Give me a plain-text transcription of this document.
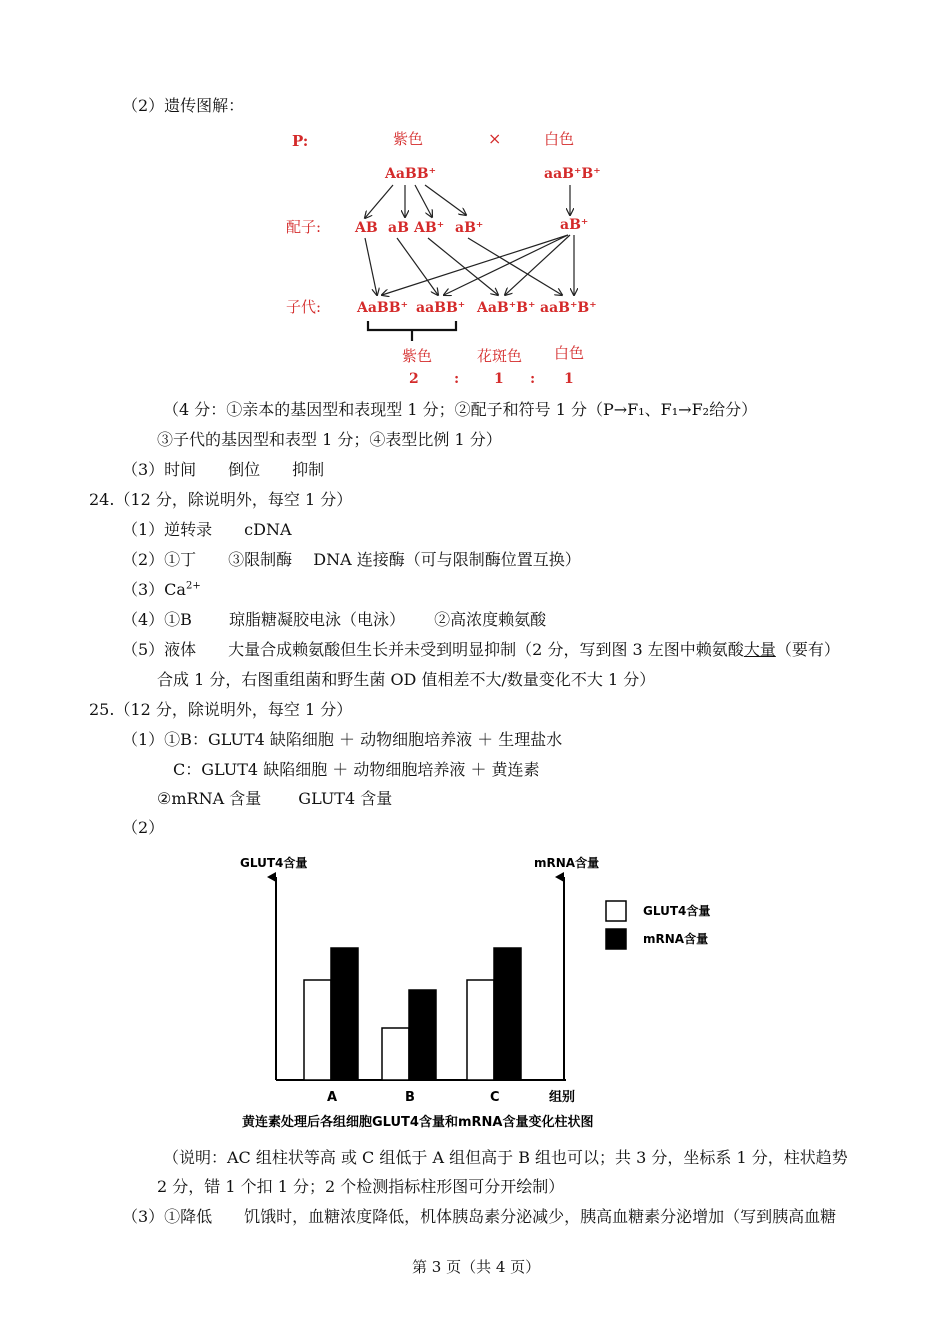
（2）遗传图解：
P:	紫色	×	白色
AaBB⁺	aaB⁺B⁺
配子: AB aB AB⁺ aB⁺	aB⁺
子代:	AaBB⁺ aaBB⁺ AaB⁺B⁺ aaB⁺B⁺
紫色	花斑色 白色
2	: 1 : 1
（4 分：①亲本的基因型和表现型 1 分；②配子和符号 1 分（P→F₁、F₁→F₂给分）
③子代的基因型和表型 1 分；④表型比例 1 分）
（3）时间　　倒位　　抑制
24.（12 分，除说明外，每空 1 分）
（1）逆转录　　cDNA
（2）①丁　　③限制酶　 DNA 连接酶（可与限制酶位置互换）
$(3)Ca^{2+}$
（4）①B　　 琼脂糖凝胶电泳（电泳）　　 ②高浓度赖氨酸
（5）液体　　大量合成赖氨酸但生长并未受到明显抑制（2 分，写到图 3 左图中赖氨酸大量（要有）
合成 1 分，右图重组菌和野生菌 OD 值相差不大/数量变化不大 1 分）
25.（12 分，除说明外，每空 1 分）
（1）①B：GLUT4 缺陷细胞 ＋ 动物细胞培养液 ＋ 生理盐水
C：GLUT4 缺陷细胞 ＋ 动物细胞培养液 ＋ 黄连素
②mRNA 含量　　 GLUT4 含量
（2）
GLUT4含量	mRNA含量
A	B	C	组别
GLUT4含量
mRNA含量
黄连素处理后各组细胞GLUT4含量和mRNA含量变化柱状图
（说明：AC 组柱状等高 或 C 组低于 A 组但高于 B 组也可以；共 3 分，坐标系 1 分，柱状趋势
2 分，错 1 个扣 1 分；2 个检测指标柱形图可分开绘制）
（3）①降低　　饥饿时，血糖浓度降低，机体胰岛素分泌减少，胰高血糖素分泌增加（写到胰高血糖
第 3 页（共 4 页）
